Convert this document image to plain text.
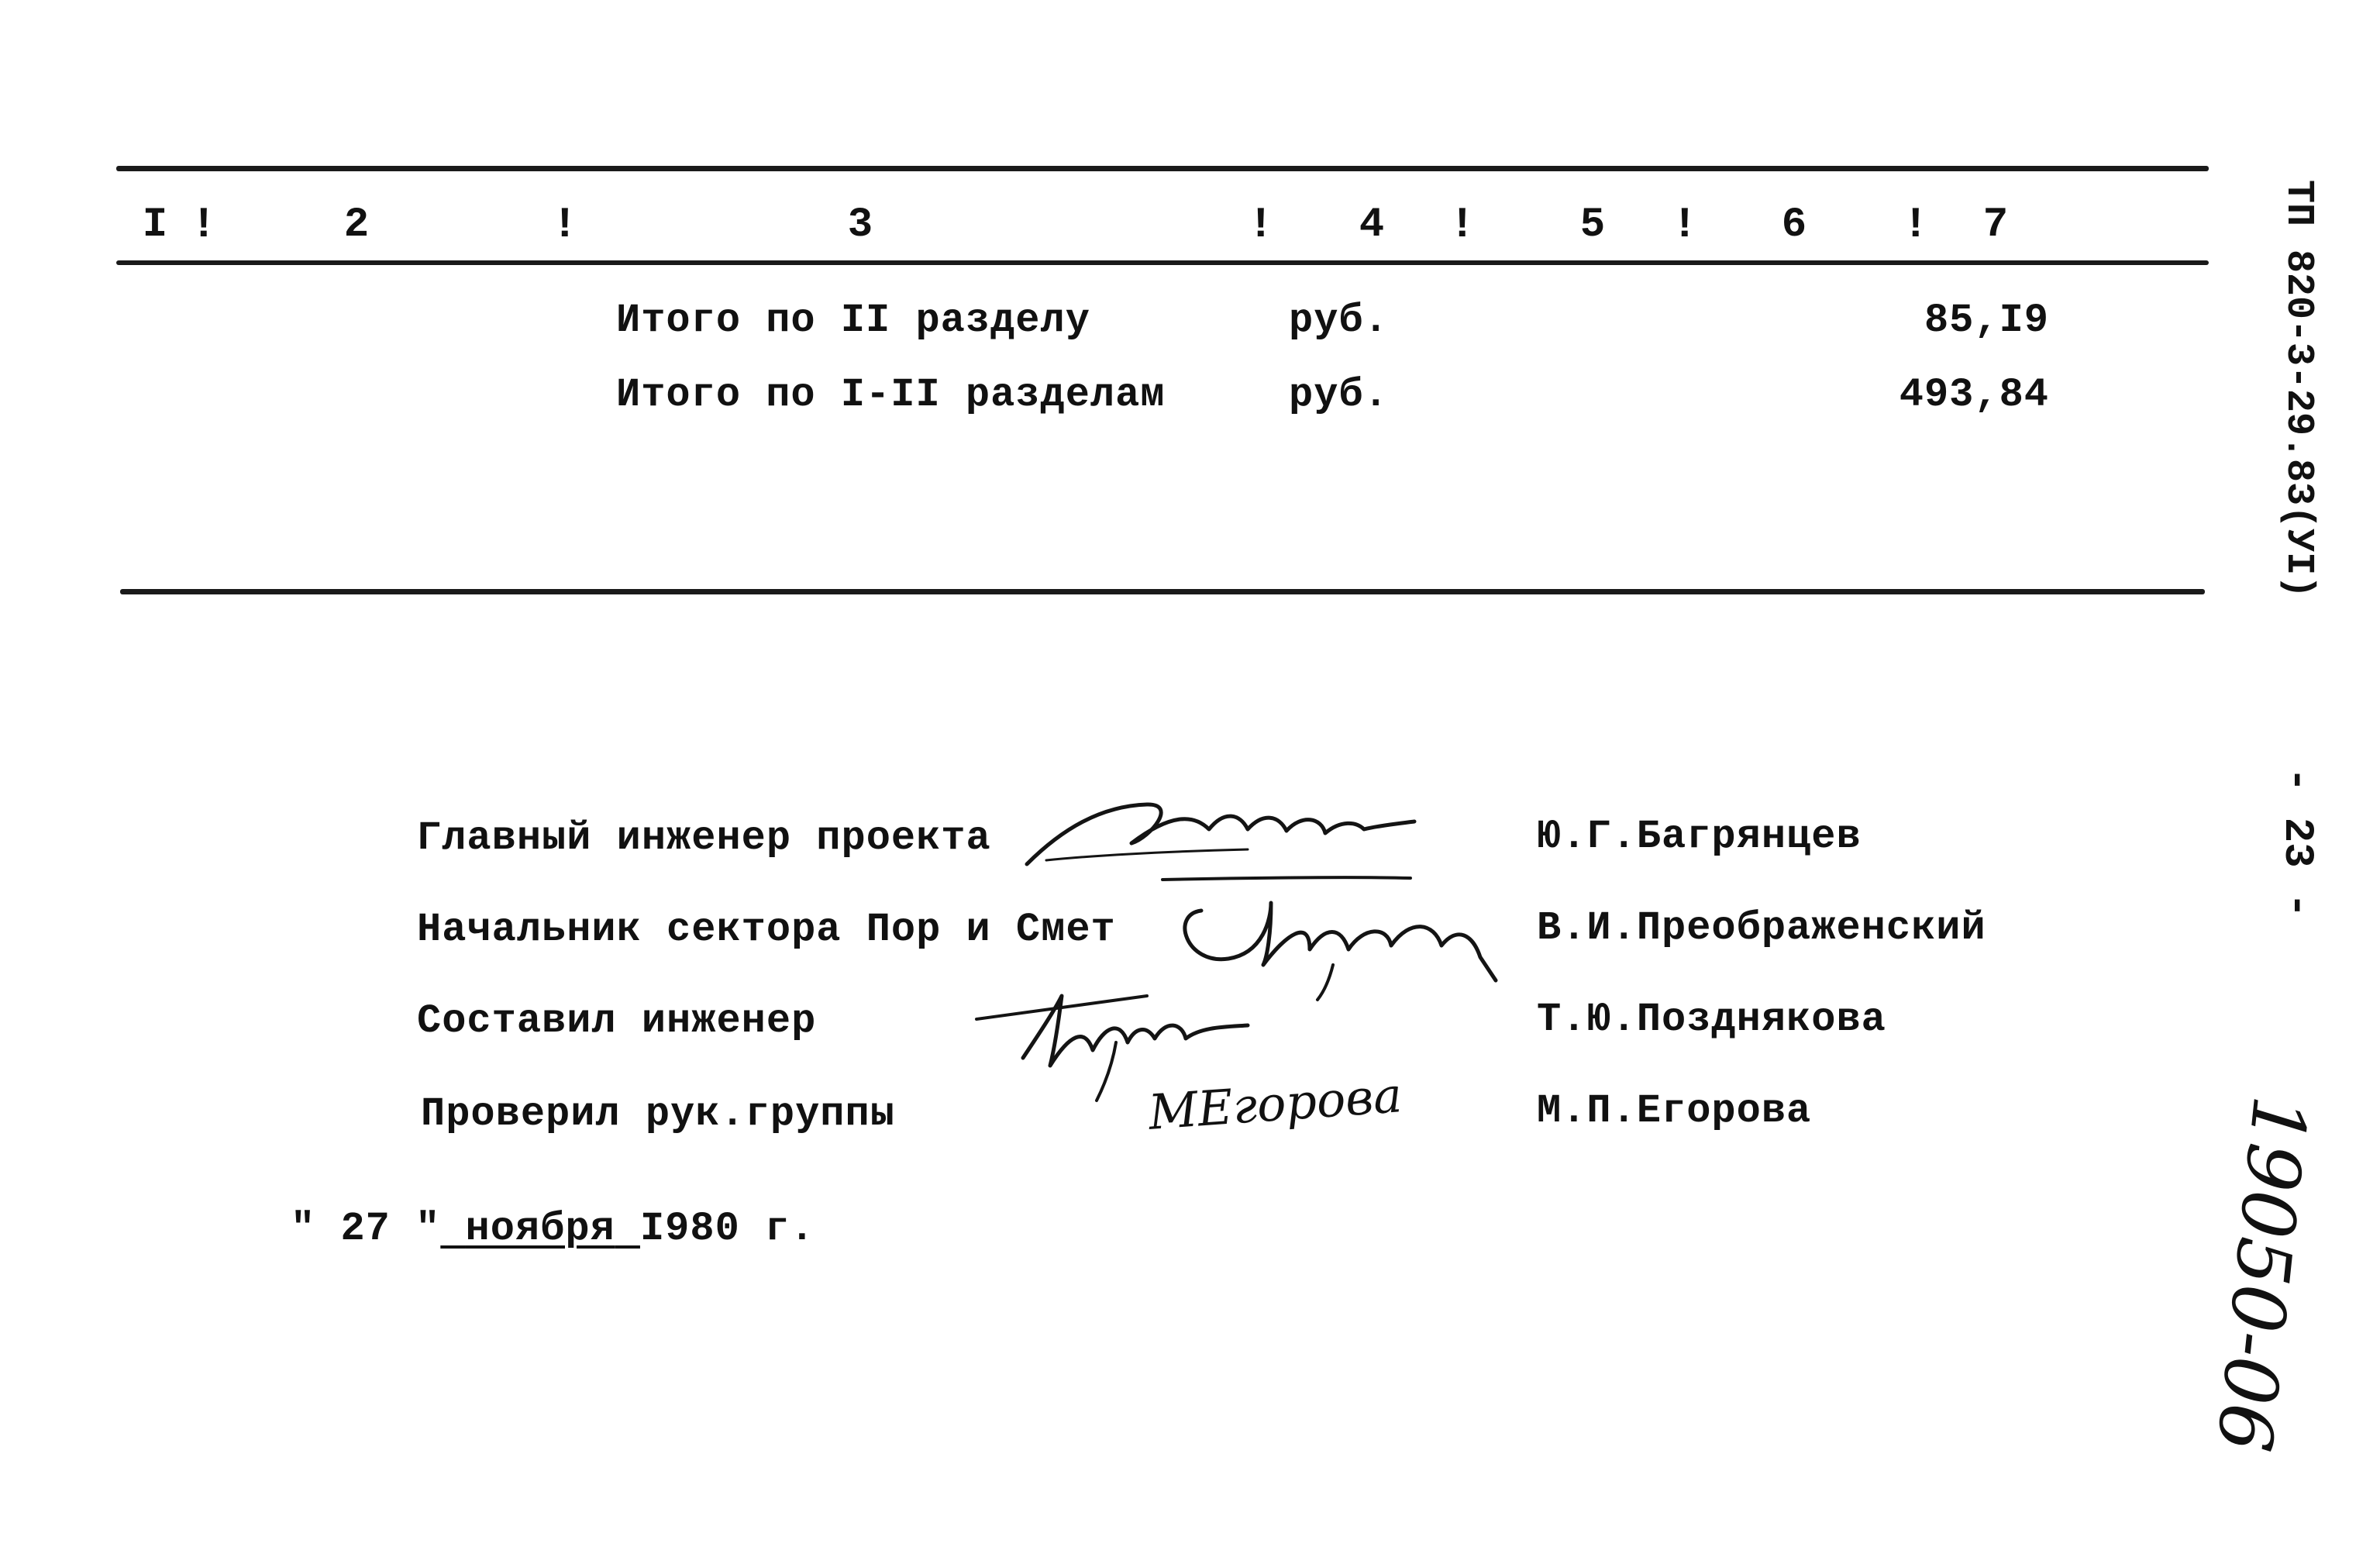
I !	2	!	3	! 4 !	5 ! 6 ! 7
Итого по II разделу	руб.	85,I9
Итого по I-II разделам	руб.	493,84
Главный инженер проекта	Ю.Г.Багрянцев
Начальник сектора Пор и Смет	В.И.Преображенский
Составил инженер	Т.Ю.Позднякова
Проверил рук.группы	М.П.Егорова
МЕгорова
" 27 " ноября I980 г.
ТП 820-3-29.83(УI)
- 23 -
19050-06
